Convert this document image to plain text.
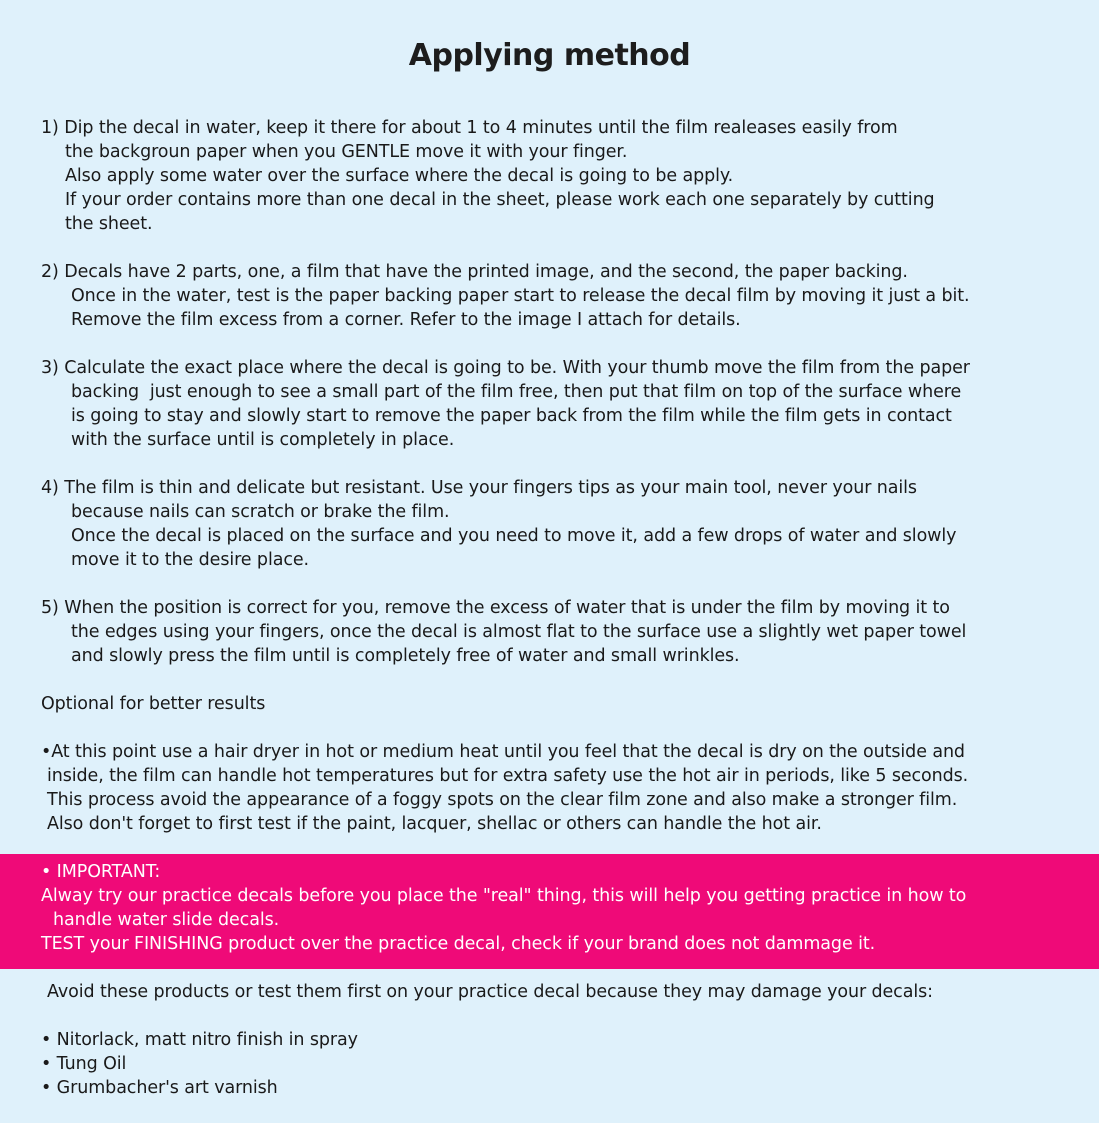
Applying method
1) Dip the decal in water, keep it there for about 1 to 4 minutes until the film realeases easily from
the backgroun paper when you GENTLE move it with your finger.
Also apply some water over the surface where the decal is going to be apply.
If your order contains more than one decal in the sheet, please work each one separately by cutting
the sheet.
2) Decals have 2 parts, one, a film that have the printed image, and the second, the paper backing.
Once in the water, test is the paper backing paper start to release the decal film by moving it just a bit.
Remove the film excess from a corner. Refer to the image I attach for details.
3) Calculate the exact place where the decal is going to be. With your thumb move the film from the paper
backing  just enough to see a small part of the film free, then put that film on top of the surface where
is going to stay and slowly start to remove the paper back from the film while the film gets in contact
with the surface until is completely in place.
4) The film is thin and delicate but resistant. Use your fingers tips as your main tool, never your nails
because nails can scratch or brake the film.
Once the decal is placed on the surface and you need to move it, add a few drops of water and slowly
move it to the desire place.
5) When the position is correct for you, remove the excess of water that is under the film by moving it to
the edges using your fingers, once the decal is almost flat to the surface use a slightly wet paper towel
and slowly press the film until is completely free of water and small wrinkles.
Optional for better results
•At this point use a hair dryer in hot or medium heat until you feel that the decal is dry on the outside and
inside, the film can handle hot temperatures but for extra safety use the hot air in periods, like 5 seconds.
This process avoid the appearance of a foggy spots on the clear film zone and also make a stronger film.
Also don't forget to first test if the paint, lacquer, shellac or others can handle the hot air.
• IMPORTANT:
Alway try our practice decals before you place the "real" thing, this will help you getting practice in how to
handle water slide decals.
TEST your FINISHING product over the practice decal, check if your brand does not dammage it.
Avoid these products or test them first on your practice decal because they may damage your decals:
• Nitorlack, matt nitro finish in spray
• Tung Oil
• Grumbacher's art varnish
